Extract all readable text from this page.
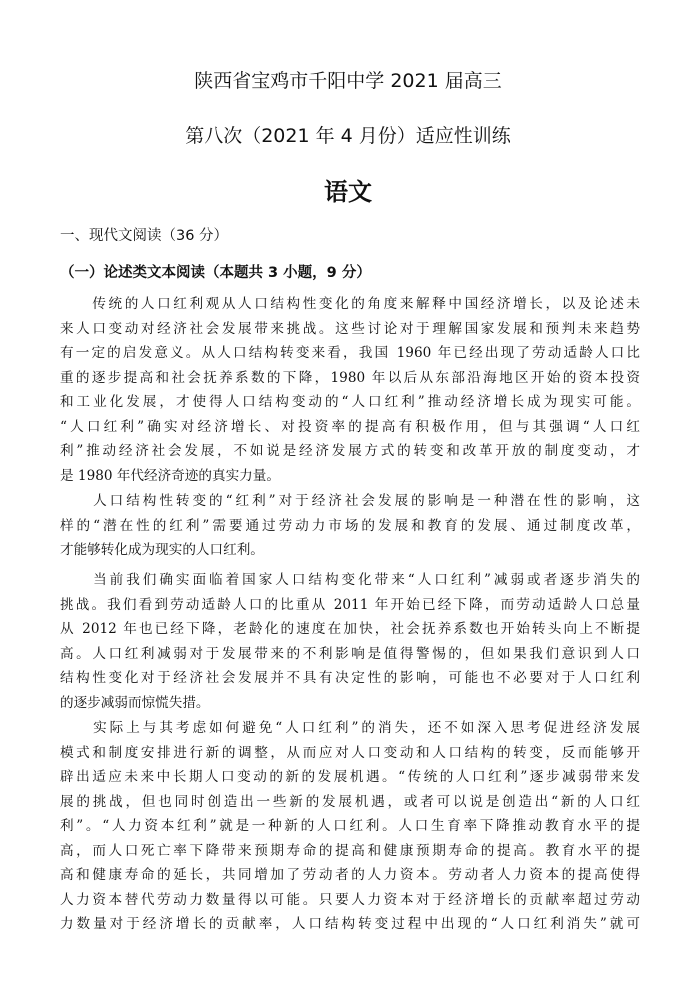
陕西省宝鸡市千阳中学 2021 届高三
第八次（2021 年 4 月份）适应性训练
语文
一、现代文阅读（36 分）
（一）论述类文本阅读（本题共 3 小题，9 分）
　　传统的人口红利观从人口结构性变化的角度来解释中国经济增长，以及论述未
来人口变动对经济社会发展带来挑战。这些讨论对于理解国家发展和预判未来趋势
有一定的启发意义。从人口结构转变来看，我国 1960 年已经出现了劳动适龄人口比
重的逐步提高和社会抚养系数的下降，1980 年以后从东部沿海地区开始的资本投资
和工业化发展，才使得人口结构变动的“人口红利”推动经济增长成为现实可能。
“人口红利”确实对经济增长、对投资率的提高有积极作用，但与其强调“人口红
利”推动经济社会发展，不如说是经济发展方式的转变和改革开放的制度变动，才
是 1980 年代经济奇迹的真实力量。
　　人口结构性转变的“红利”对于经济社会发展的影响是一种潜在性的影响，这
样的“潜在性的红利”需要通过劳动力市场的发展和教育的发展、通过制度改革，
才能够转化成为现实的人口红利。
　　当前我们确实面临着国家人口结构变化带来“人口红利”减弱或者逐步消失的
挑战。我们看到劳动适龄人口的比重从 2011 年开始已经下降，而劳动适龄人口总量
从 2012 年也已经下降，老龄化的速度在加快，社会抚养系数也开始转头向上不断提
高。人口红利减弱对于发展带来的不利影响是值得警惕的，但如果我们意识到人口
结构性变化对于经济社会发展并不具有决定性的影响，可能也不必要对于人口红利
的逐步减弱而惊慌失措。
　　实际上与其考虑如何避免“人口红利”的消失，还不如深入思考促进经济发展
模式和制度安排进行新的调整，从而应对人口变动和人口结构的转变，反而能够开
辟出适应未来中长期人口变动的新的发展机遇。“传统的人口红利”逐步减弱带来发
展的挑战，但也同时创造出一些新的发展机遇，或者可以说是创造出“新的人口红
利”。“人力资本红利”就是一种新的人口红利。人口生育率下降推动教育水平的提
高，而人口死亡率下降带来预期寿命的提高和健康预期寿命的提高。教育水平的提
高和健康寿命的延长，共同增加了劳动者的人力资本。劳动者人力资本的提高使得
人力资本替代劳动力数量得以可能。只要人力资本对于经济增长的贡献率超过劳动
力数量对于经济增长的贡献率，人口结构转变过程中出现的“人口红利消失”就可
